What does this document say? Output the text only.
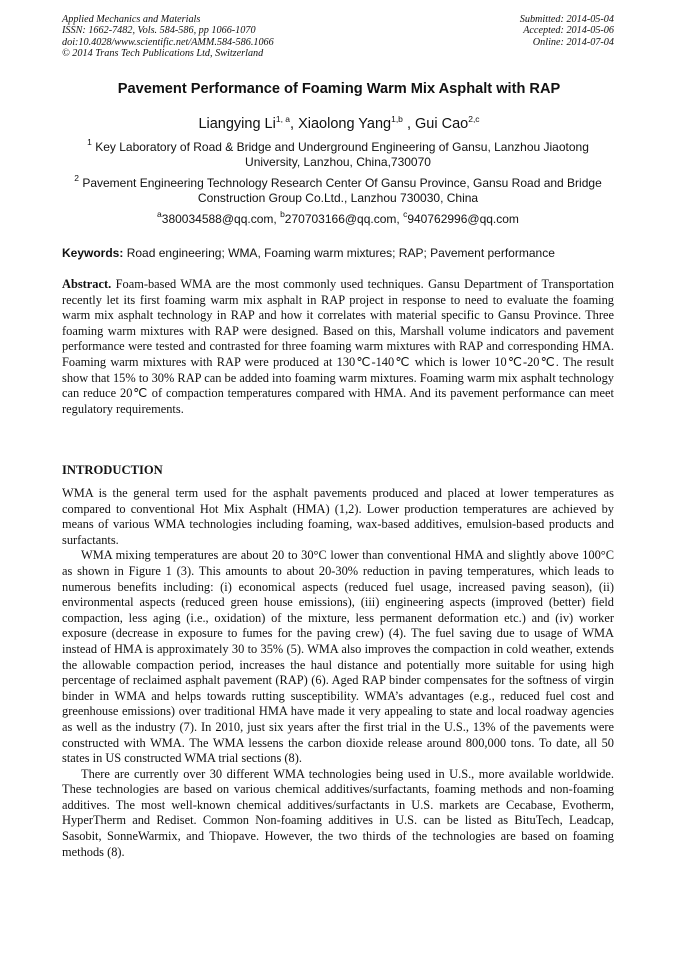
Applied Mechanics and Materials
ISSN: 1662-7482, Vols. 584-586, pp 1066-1070
doi:10.4028/www.scientific.net/AMM.584-586.1066
© 2014 Trans Tech Publications Ltd, Switzerland
Submitted: 2014-05-04
Accepted: 2014-05-06
Online: 2014-07-04
Pavement Performance of Foaming Warm Mix Asphalt with RAP
Liangying Li$^{1, a}$, Xiaolong Yang$^{1,b}$ , Gui Cao$^{2,c}$
$^1$ Key Laboratory of Road & Bridge and Underground Engineering of Gansu, Lanzhou Jiaotong University, Lanzhou, China,730070
$^2$ Pavement Engineering Technology Research Center Of Gansu Province, Gansu Road and Bridge Construction Group Co.Ltd., Lanzhou 730030, China
$^a$380034588@qq.com, $^b$270703166@qq.com, $^c$940762996@qq.com
Keywords: Road engineering; WMA, Foaming warm mixtures; RAP; Pavement performance
Abstract. Foam-based WMA are the most commonly used techniques. Gansu Department of Transportation recently let its first foaming warm mix asphalt in RAP project in response to need to evaluate the foaming warm mix asphalt technology in RAP and how it correlates with material specific to Gansu Province. Three foaming warm mixtures with RAP were designed. Based on this, Marshall volume indicators and pavement performance were tested and contrasted for three foaming warm mixtures with RAP and corresponding HMA. Foaming warm mixtures with RAP were produced at 130℃-140℃ which is lower 10℃-20℃. The result show that 15% to 30% RAP can be added into foaming warm mixtures. Foaming warm mix asphalt technology can reduce 20℃ of compaction temperatures compared with HMA. And its pavement performance can meet regulatory requirements.
INTRODUCTION

WMA is the general term used for the asphalt pavements produced and placed at lower temperatures as compared to conventional Hot Mix Asphalt (HMA) (1,2). Lower production temperatures are achieved by means of various WMA technologies including foaming, wax-based additives, emulsion-based products and surfactants.

WMA mixing temperatures are about 20 to 30°C lower than conventional HMA and slightly above 100°C as shown in Figure 1 (3). This amounts to about 20-30% reduction in paving temperatures, which leads to numerous benefits including: (i) economical aspects (reduced fuel usage, increased paving season), (ii) environmental aspects (reduced green house emissions), (iii) engineering aspects (improved (better) field compaction, less aging (i.e., oxidation) of the mixture, less permanent deformation etc.) and (iv) worker exposure (decrease in exposure to fumes for the paving crew) (4). The fuel saving due to usage of WMA instead of HMA is approximately 30 to 35% (5). WMA also improves the compaction in cold weather, extends the allowable compaction period, increases the haul distance and potentially more suitable for using high percentage of reclaimed asphalt pavement (RAP) (6). Aged RAP binder compensates for the softness of virgin binder in WMA and helps towards rutting susceptibility. WMA’s advantages (e.g., reduced fuel cost and greenhouse emissions) over traditional HMA have made it very appealing to state and local roadway agencies as well as the industry (7). In 2010, just six years after the first trial in the U.S., 13% of the pavements were constructed with WMA. The WMA lessens the carbon dioxide release around 800,000 tons. To date, all 50 states in US constructed WMA trial sections (8).

There are currently over 30 different WMA technologies being used in U.S., more available worldwide. These technologies are based on various chemical additives/surfactants, foaming methods and non-foaming additives. The most well-known chemical additives/surfactants in U.S. markets are Cecabase, Evotherm, HyperTherm and Rediset. Common Non-foaming additives in U.S. can be listed as BituTech, Leadcap, Sasobit, SonneWarmix, and Thiopave. However, the two thirds of the technologies are based on foaming methods (8).
